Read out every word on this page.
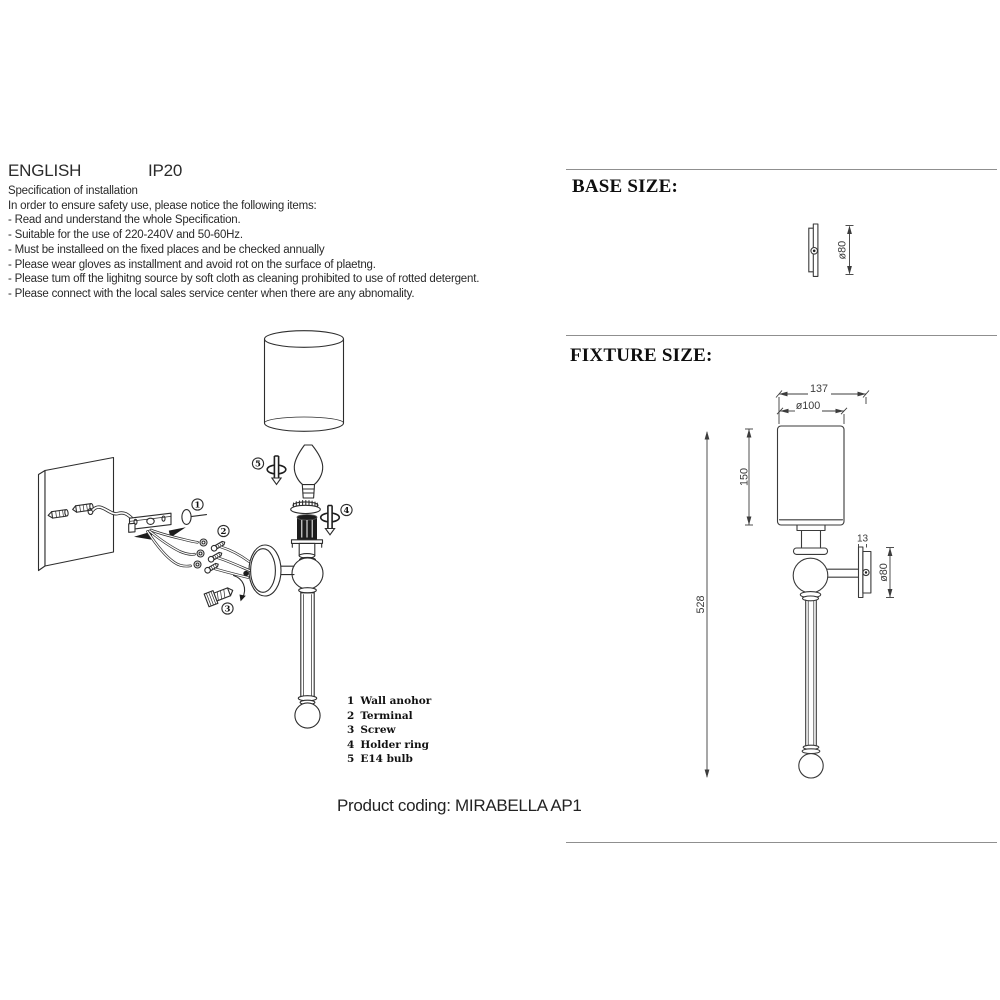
ENGLISH	IP20
Specification of installation
In order to ensure safety use, please notice the following items:
- Read and understand the whole Specification.
- Suitable for the use of 220-240V and 50-60Hz.
- Must be installeed on the fixed places and be checked annually
- Please wear gloves as installment and avoid rot on the surface of plaetng.
- Please tum off the lighitng source by soft cloth as cleaning prohibited to use of rotted detergent.
- Please connect with the local sales service center when there are any abnomality.
BASE SIZE:
FIXTURE SIZE:
ø80
137
ø100
150
528
13
ø80
5
4
1
2
3
1 Wall anohor
2 Terminal
3 Screw
4 Holder ring
5 E14 bulb
Product coding: MIRABELLA AP1
